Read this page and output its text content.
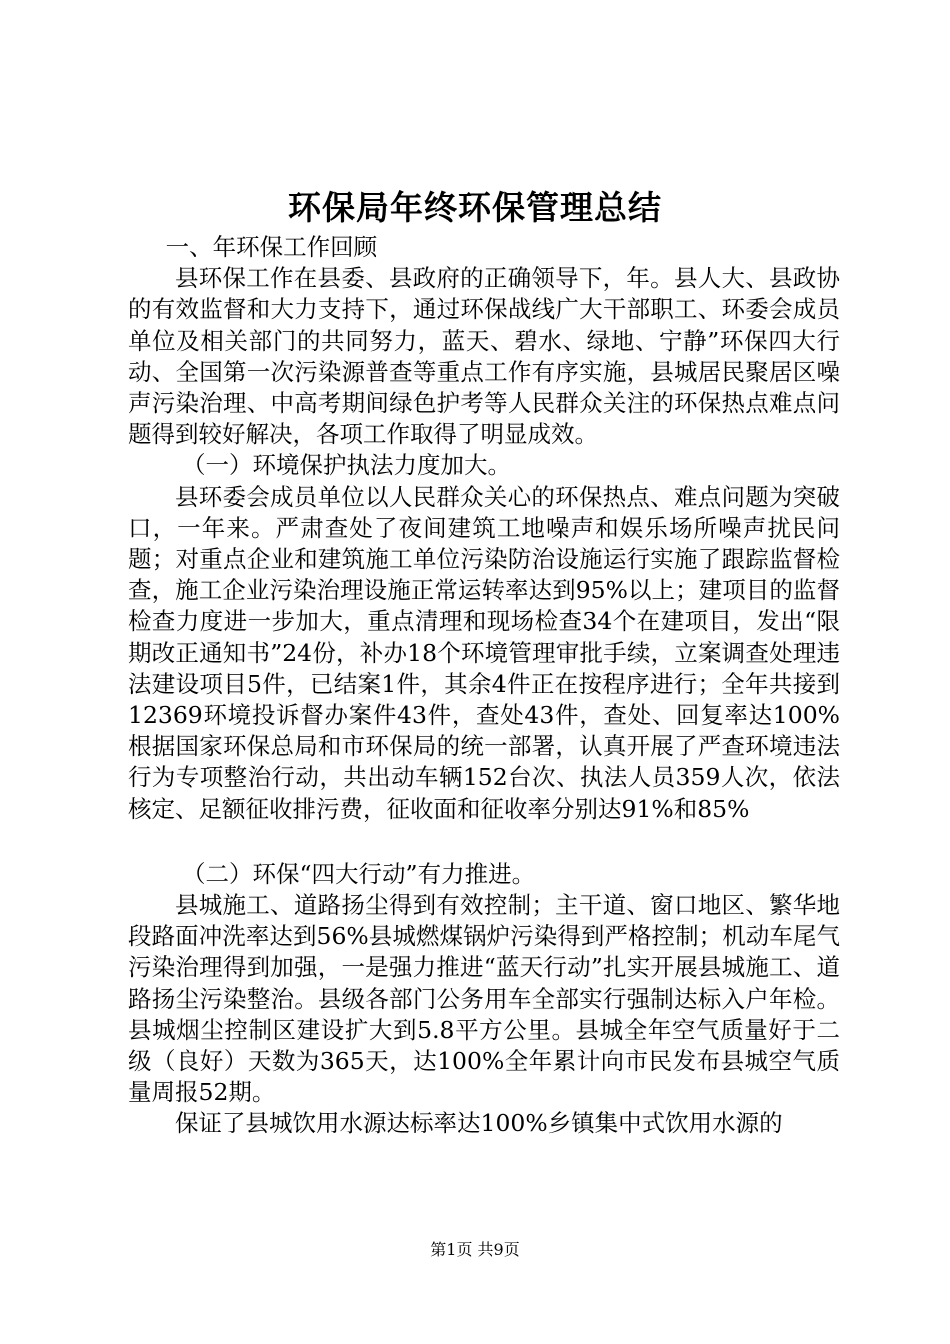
环保局年终环保管理总结

一、年环保工作回顾

县环保工作在县委、县政府的正确领导下，年。县人大、县政协的有效监督和大力支持下，通过环保战线广大干部职工、环委会成员单位及相关部门的共同努力，蓝天、碧水、绿地、宁静”环保四大行动、全国第一次污染源普查等重点工作有序实施，县城居民聚居区噪声污染治理、中高考期间绿色护考等人民群众关注的环保热点难点问题得到较好解决，各项工作取得了明显成效。

（一）环境保护执法力度加大。

县环委会成员单位以人民群众关心的环保热点、难点问题为突破口，一年来。严肃查处了夜间建筑工地噪声和娱乐场所噪声扰民问题；对重点企业和建筑施工单位污染防治设施运行实施了跟踪监督检查，施工企业污染治理设施正常运转率达到95%以上；建项目的监督检查力度进一步加大，重点清理和现场检查34个在建项目，发出“限期改正通知书”24份，补办18个环境管理审批手续，立案调查处理违法建设项目5件，已结案1件，其余4件正在按程序进行；全年共接到12369环境投诉督办案件43件，查处43件，查处、回复率达100%根据国家环保总局和市环保局的统一部署，认真开展了严查环境违法行为专项整治行动，共出动车辆152台次、执法人员359人次，依法核定、足额征收排污费，征收面和征收率分别达91%和85%

（二）环保“四大行动”有力推进。

县城施工、道路扬尘得到有效控制；主干道、窗口地区、繁华地段路面冲洗率达到56%县城燃煤锅炉污染得到严格控制；机动车尾气污染治理得到加强，一是强力推进“蓝天行动”扎实开展县城施工、道路扬尘污染整治。县级各部门公务用车全部实行强制达标入户年检。县城烟尘控制区建设扩大到5.8平方公里。县城全年空气质量好于二级（良好）天数为365天，达100%全年累计向市民发布县城空气质量周报52期。

保证了县城饮用水源达标率达100%乡镇集中式饮用水源的

第1页 共9页
